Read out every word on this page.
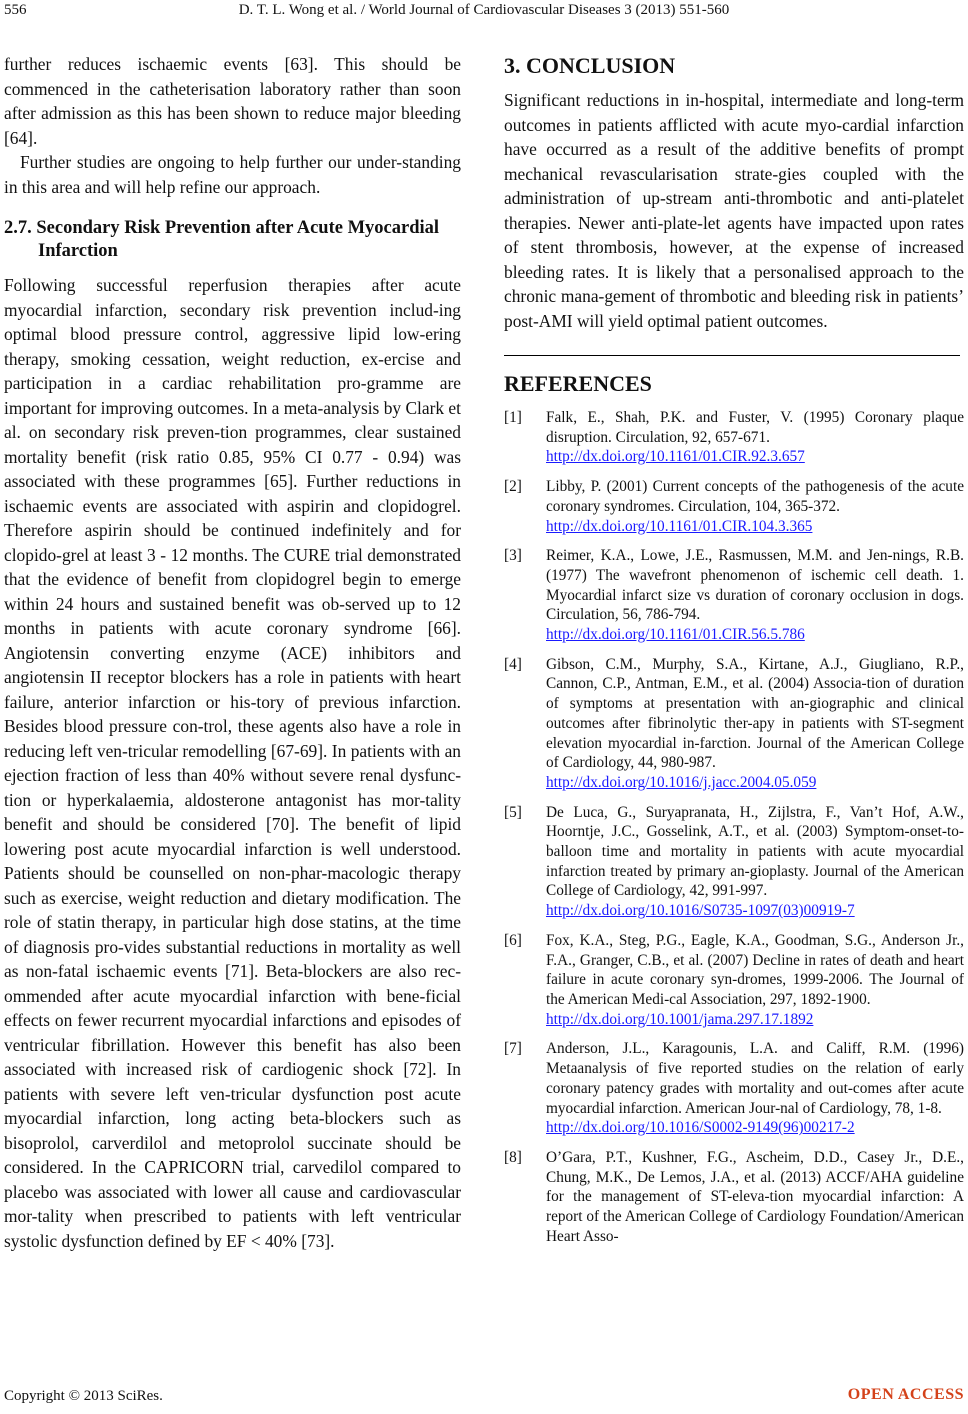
556	D. T. L. Wong et al. / World Journal of Cardiovascular Diseases 3 (2013) 551-560

further reduces ischaemic events [63]. This should be commenced in the catheterisation laboratory rather than soon after admission as this has been shown to reduce major bleeding [64].

Further studies are ongoing to help further our under-standing in this area and will help refine our approach.

2.7. Secondary Risk Prevention after Acute Myocardial Infarction

Following successful reperfusion therapies after acute myocardial infarction, secondary risk prevention includ-ing optimal blood pressure control, aggressive lipid low-ering therapy, smoking cessation, weight reduction, ex-ercise and participation in a cardiac rehabilitation pro-gramme are important for improving outcomes. In a meta-analysis by Clark et al. on secondary risk preven-tion programmes, clear sustained mortality benefit (risk ratio 0.85, 95% CI 0.77 - 0.94) was associated with these programmes [65]. Further reductions in ischaemic events are associated with aspirin and clopidogrel. Therefore aspirin should be continued indefinitely and for clopido-grel at least 3 - 12 months. The CURE trial demonstrated that the evidence of benefit from clopidogrel begin to emerge within 24 hours and sustained benefit was ob-served up to 12 months in patients with acute coronary syndrome [66]. Angiotensin converting enzyme (ACE) inhibitors and angiotensin II receptor blockers has a role in patients with heart failure, anterior infarction or his-tory of previous infarction. Besides blood pressure con-trol, these agents also have a role in reducing left ven-tricular remodelling [67-69]. In patients with an ejection fraction of less than 40% without severe renal dysfunc-tion or hyperkalaemia, aldosterone antagonist has mor-tality benefit and should be considered [70]. The benefit of lipid lowering post acute myocardial infarction is well understood. Patients should be counselled on non-phar-macologic therapy such as exercise, weight reduction and dietary modification. The role of statin therapy, in particular high dose statins, at the time of diagnosis pro-vides substantial reductions in mortality as well as non-fatal ischaemic events [71]. Beta-blockers are also rec-ommended after acute myocardial infarction with bene-ficial effects on fewer recurrent myocardial infarctions and episodes of ventricular fibrillation. However this benefit has also been associated with increased risk of cardiogenic shock [72]. In patients with severe left ven-tricular dysfunction post acute myocardial infarction, long acting beta-blockers such as bisoprolol, carverdilol and metoprolol succinate should be considered. In the CAPRICORN trial, carvedilol compared to placebo was associated with lower all cause and cardiovascular mor-tality when prescribed to patients with left ventricular systolic dysfunction defined by EF < 40% [73].

3. CONCLUSION

Significant reductions in in-hospital, intermediate and long-term outcomes in patients afflicted with acute myo-cardial infarction have occurred as a result of the additive benefits of prompt mechanical revascularisation strate-gies coupled with the administration of up-stream anti-thrombotic and anti-platelet therapies. Newer anti-plate-let agents have impacted upon rates of stent thrombosis, however, at the expense of increased bleeding rates. It is likely that a personalised approach to the chronic mana-gement of thrombotic and bleeding risk in patients’ post-AMI will yield optimal patient outcomes.

REFERENCES
[1] Falk, E., Shah, P.K. and Fuster, V. (1995) Coronary plaque disruption. Circulation, 92, 657-671.
http://dx.doi.org/10.1161/01.CIR.92.3.657
[2] Libby, P. (2001) Current concepts of the pathogenesis of the acute coronary syndromes. Circulation, 104, 365-372.
http://dx.doi.org/10.1161/01.CIR.104.3.365
[3] Reimer, K.A., Lowe, J.E., Rasmussen, M.M. and Jen-nings, R.B. (1977) The wavefront phenomenon of ischemic cell death. 1. Myocardial infarct size vs duration of coronary occlusion in dogs. Circulation, 56, 786-794.
http://dx.doi.org/10.1161/01.CIR.56.5.786
[4] Gibson, C.M., Murphy, S.A., Kirtane, A.J., Giugliano, R.P., Cannon, C.P., Antman, E.M., et al. (2004) Associa-tion of duration of symptoms at presentation with an-giographic and clinical outcomes after fibrinolytic ther-apy in patients with ST-segment elevation myocardial in-farction. Journal of the American College of Cardiology, 44, 980-987.
http://dx.doi.org/10.1016/j.jacc.2004.05.059
[5] De Luca, G., Suryapranata, H., Zijlstra, F., Van’t Hof, A.W., Hoorntje, J.C., Gosselink, A.T., et al. (2003) Symptom-onset-to-balloon time and mortality in patients with acute myocardial infarction treated by primary an-gioplasty. Journal of the American College of Cardiology, 42, 991-997.
http://dx.doi.org/10.1016/S0735-1097(03)00919-7
[6] Fox, K.A., Steg, P.G., Eagle, K.A., Goodman, S.G., Anderson Jr., F.A., Granger, C.B., et al. (2007) Decline in rates of death and heart failure in acute coronary syn-dromes, 1999-2006. The Journal of the American Medi-cal Association, 297, 1892-1900.
http://dx.doi.org/10.1001/jama.297.17.1892
[7] Anderson, J.L., Karagounis, L.A. and Califf, R.M. (1996) Metaanalysis of five reported studies on the relation of early coronary patency grades with mortality and out-comes after acute myocardial infarction. American Jour-nal of Cardiology, 78, 1-8.
http://dx.doi.org/10.1016/S0002-9149(96)00217-2
[8] O’Gara, P.T., Kushner, F.G., Ascheim, D.D., Casey Jr., D.E., Chung, M.K., De Lemos, J.A., et al. (2013) ACCF/AHA guideline for the management of ST-eleva-tion myocardial infarction: A report of the American College of Cardiology Foundation/American Heart Asso-
Copyright © 2013 SciRes.	OPEN ACCESS
